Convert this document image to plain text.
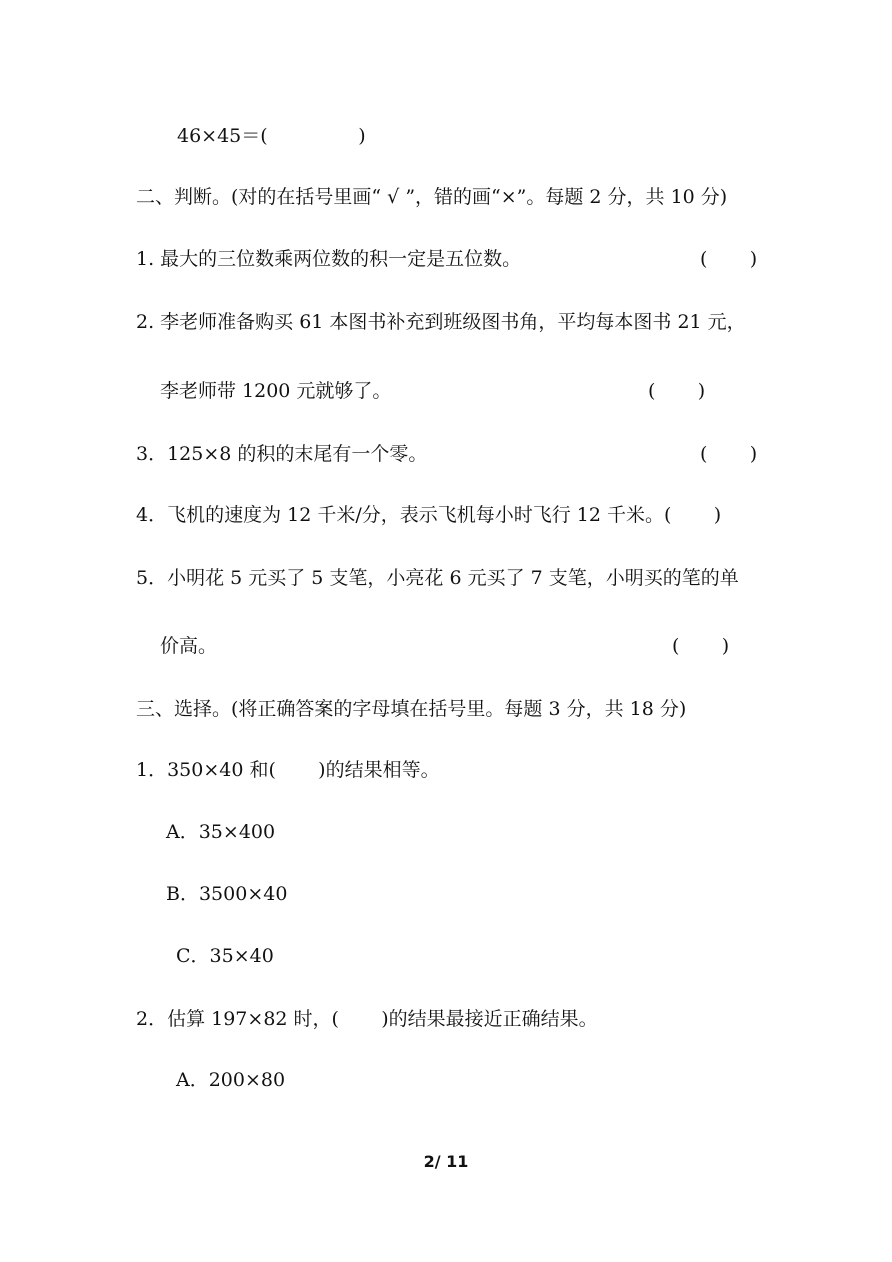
46×45＝(               )
二、判断。(对的在括号里画“ √ ”，错的画“×”。每题 2 分，共 10 分)
1. 最大的三位数乘两位数的积一定是五位数。	(       )
2. 李老师准备购买 61 本图书补充到班级图书角，平均每本图书 21 元，
李老师带 1200 元就够了。	(       )
3．125×8 的积的末尾有一个零。	(       )
4．飞机的速度为 12 千米/分，表示飞机每小时飞行 12 千米。(       )
5．小明花 5 元买了 5 支笔，小亮花 6 元买了 7 支笔，小明买的笔的单
价高。	(       )
三、选择。(将正确答案的字母填在括号里。每题 3 分，共 18 分)
1．350×40 和(       )的结果相等。
A．35×400
B．3500×40
C．35×40
2．估算 197×82 时，(       )的结果最接近正确结果。
A．200×80
2/ 11
